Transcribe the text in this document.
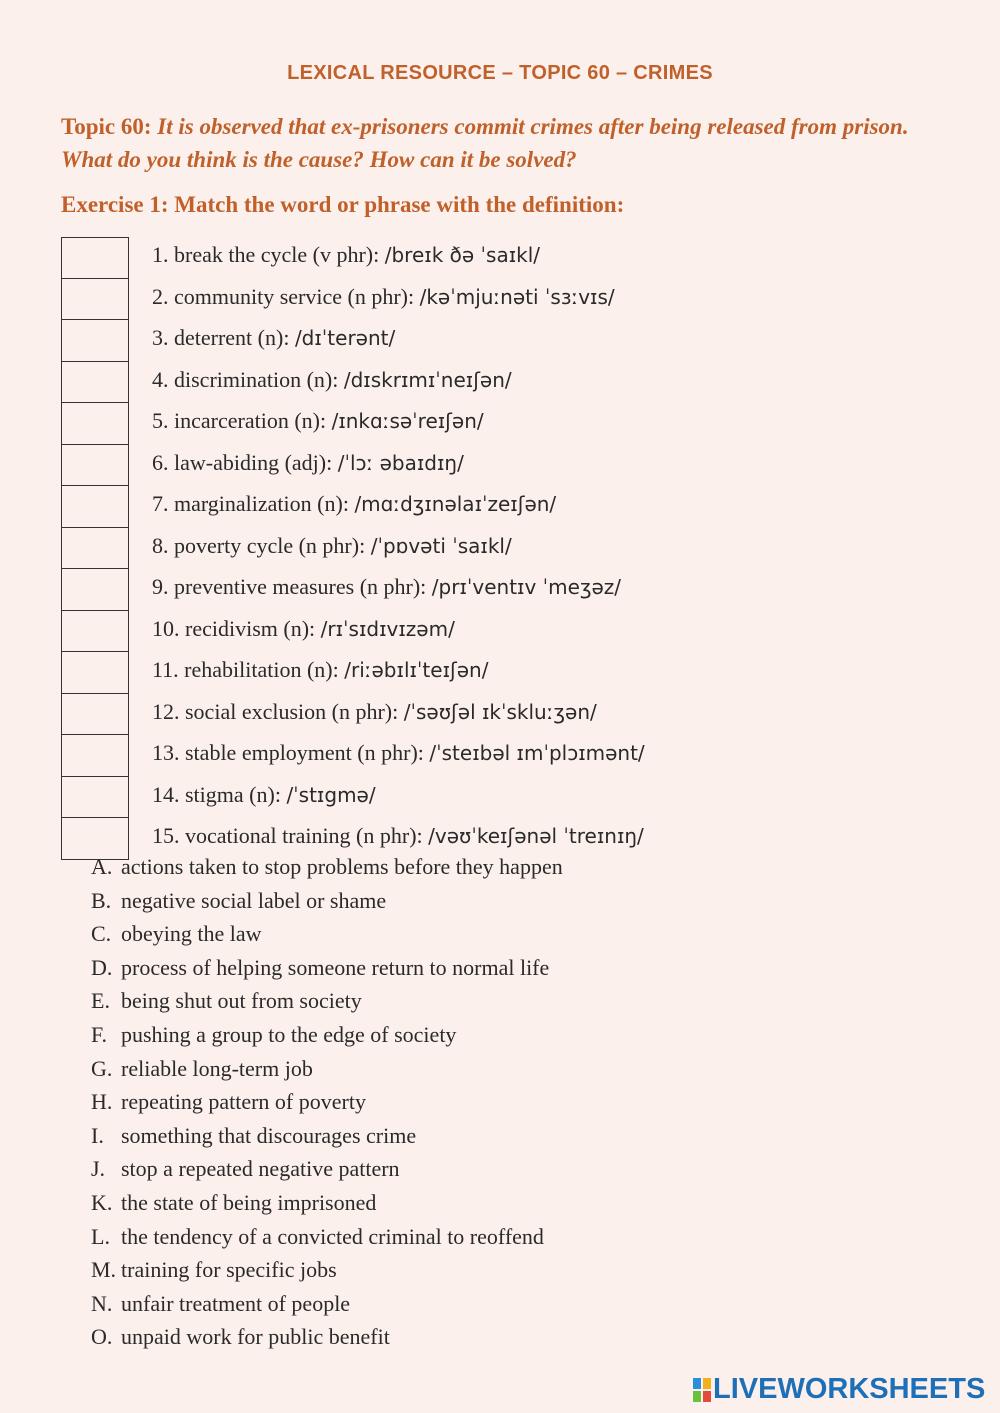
LEXICAL RESOURCE – TOPIC 60 – CRIMES
Topic 60: It is observed that ex-prisoners commit crimes after being released from prison. What do you think is the cause? How can it be solved?
Exercise 1: Match the word or phrase with the definition:
1. break the cycle (v phr): /breɪk ðə ˈsaɪkl/
2. community service (n phr): /kəˈmjuːnəti ˈsɜːvɪs/
3. deterrent (n): /dɪˈterənt/
4. discrimination (n): /dɪskrɪmɪˈneɪʃən/
5. incarceration (n): /ɪnkɑːsəˈreɪʃən/
6. law-abiding (adj): /ˈlɔː əbaɪdɪŋ/
7. marginalization (n): /mɑːdʒɪnəlaɪˈzeɪʃən/
8. poverty cycle (n phr): /ˈpɒvəti ˈsaɪkl/
9. preventive measures (n phr): /prɪˈventɪv ˈmeʒəz/
10. recidivism (n): /rɪˈsɪdɪvɪzəm/
11. rehabilitation (n): /riːəbɪlɪˈteɪʃən/
12. social exclusion (n phr): /ˈsəʊʃəl ɪkˈskluːʒən/
13. stable employment (n phr): /ˈsteɪbəl ɪmˈplɔɪmənt/
14. stigma (n): /ˈstɪgmə/
15. vocational training (n phr): /vəʊˈkeɪʃənəl ˈtreɪnɪŋ/
A. actions taken to stop problems before they happen
B. negative social label or shame
C. obeying the law
D. process of helping someone return to normal life
E. being shut out from society
F. pushing a group to the edge of society
G. reliable long-term job
H. repeating pattern of poverty
I. something that discourages crime
J. stop a repeated negative pattern
K. the state of being imprisoned
L. the tendency of a convicted criminal to reoffend
M. training for specific jobs
N. unfair treatment of people
O. unpaid work for public benefit
LIVEWORKSHEETS
